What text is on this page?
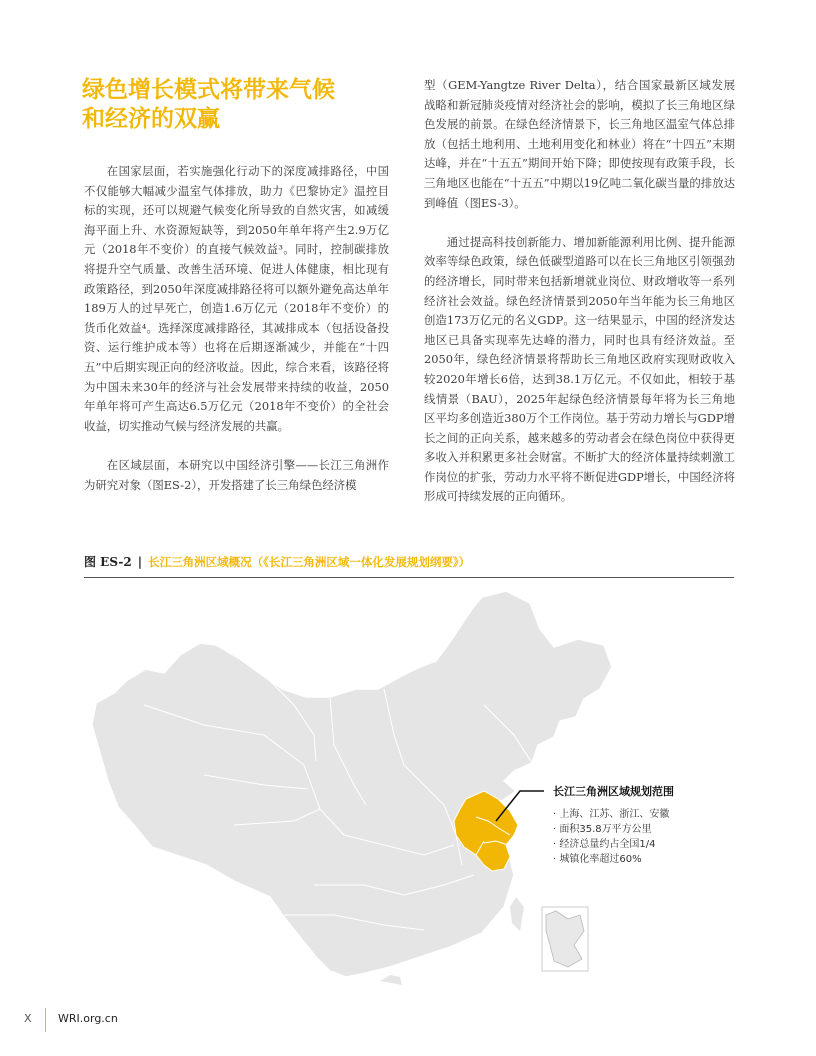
绿色增长模式将带来气候
和经济的双赢

在国家层面，若实施强化行动下的深度减排路径，中国不仅能够大幅减少温室气体排放，助力《巴黎协定》温控目标的实现，还可以规避气候变化所导致的自然灾害，如减缓海平面上升、水资源短缺等，到2050年单年将产生2.9万亿元（2018年不变价）的直接气候效益³。同时，控制碳排放将提升空气质量、改善生活环境、促进人体健康，相比现有政策路径，到2050年深度减排路径将可以额外避免高达单年189万人的过早死亡，创造1.6万亿元（2018年不变价）的货币化效益⁴。选择深度减排路径，其减排成本（包括设备投资、运行维护成本等）也将在后期逐渐减少，并能在“十四五”中后期实现正向的经济收益。因此，综合来看，该路径将为中国未来30年的经济与社会发展带来持续的收益，2050年单年将可产生高达6.5万亿元（2018年不变价）的全社会收益，切实推动气候与经济发展的共赢。

在区域层面，本研究以中国经济引擎——长江三角洲作为研究对象（图ES-2），开发搭建了长三角绿色经济模

型（GEM-Yangtze River Delta），结合国家最新区域发展战略和新冠肺炎疫情对经济社会的影响，模拟了长三角地区绿色发展的前景。在绿色经济情景下，长三角地区温室气体总排放（包括土地利用、土地利用变化和林业）将在“十四五”末期达峰，并在“十五五”期间开始下降；即使按现有政策手段，长三角地区也能在“十五五”中期以19亿吨二氧化碳当量的排放达到峰值（图ES-3）。

通过提高科技创新能力、增加新能源利用比例、提升能源效率等绿色政策，绿色低碳型道路可以在长三角地区引领强劲的经济增长，同时带来包括新增就业岗位、财政增收等一系列经济社会效益。绿色经济情景到2050年当年能为长三角地区创造173万亿元的名义GDP。这一结果显示，中国的经济发达地区已具备实现率先达峰的潜力，同时也具有经济效益。至2050年，绿色经济情景将帮助长三角地区政府实现财政收入较2020年增长6倍，达到38.1万亿元。不仅如此，相较于基线情景（BAU），2025年起绿色经济情景每年将为长三角地区平均多创造近380万个工作岗位。基于劳动力增长与GDP增长之间的正向关系，越来越多的劳动者会在绿色岗位中获得更多收入并积累更多社会财富。不断扩大的经济体量持续刺激工作岗位的扩张，劳动力水平将不断促进GDP增长，中国经济将形成可持续发展的正向循环。

图 ES-2 | 长江三角洲区域概况（《长江三角洲区域一体化发展规划纲要》）
长江三角洲区域规划范围
· 上海、江苏、浙江、安徽
· 面积35.8万平方公里
· 经济总量约占全国1/4
· 城镇化率超过60%
X WRI.org.cn
